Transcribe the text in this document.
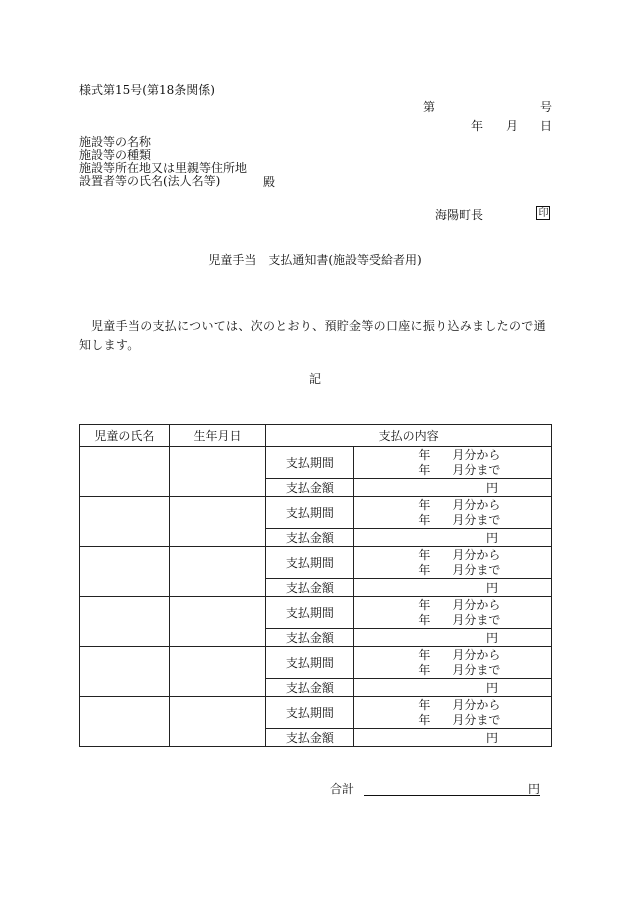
様式第15号(第18条関係)
第	号
年 月 日
施設等の名称
施設等の種類
施設等所在地又は里親等住所地
設置者等の氏名(法人名等)	殿
海陽町長	印
児童手当　支払通知書(施設等受給者用)
児童手当の支払については、次のとおり、預貯金等の口座に振り込みましたので通知します。
記
児童の氏名	生年月日	支払の内容	
		支払期間	年 月分から
年 月分まで

		支払金額	円
		支払期間	年 月分から
年 月分まで

		支払金額	円
		支払期間	年 月分から
年 月分まで

		支払金額	円
		支払期間	年 月分から
年 月分まで

		支払金額	円
		支払期間	年 月分から
年 月分まで

		支払金額	円
		支払期間	年 月分から
年 月分まで

		支払金額	円
合計	円
